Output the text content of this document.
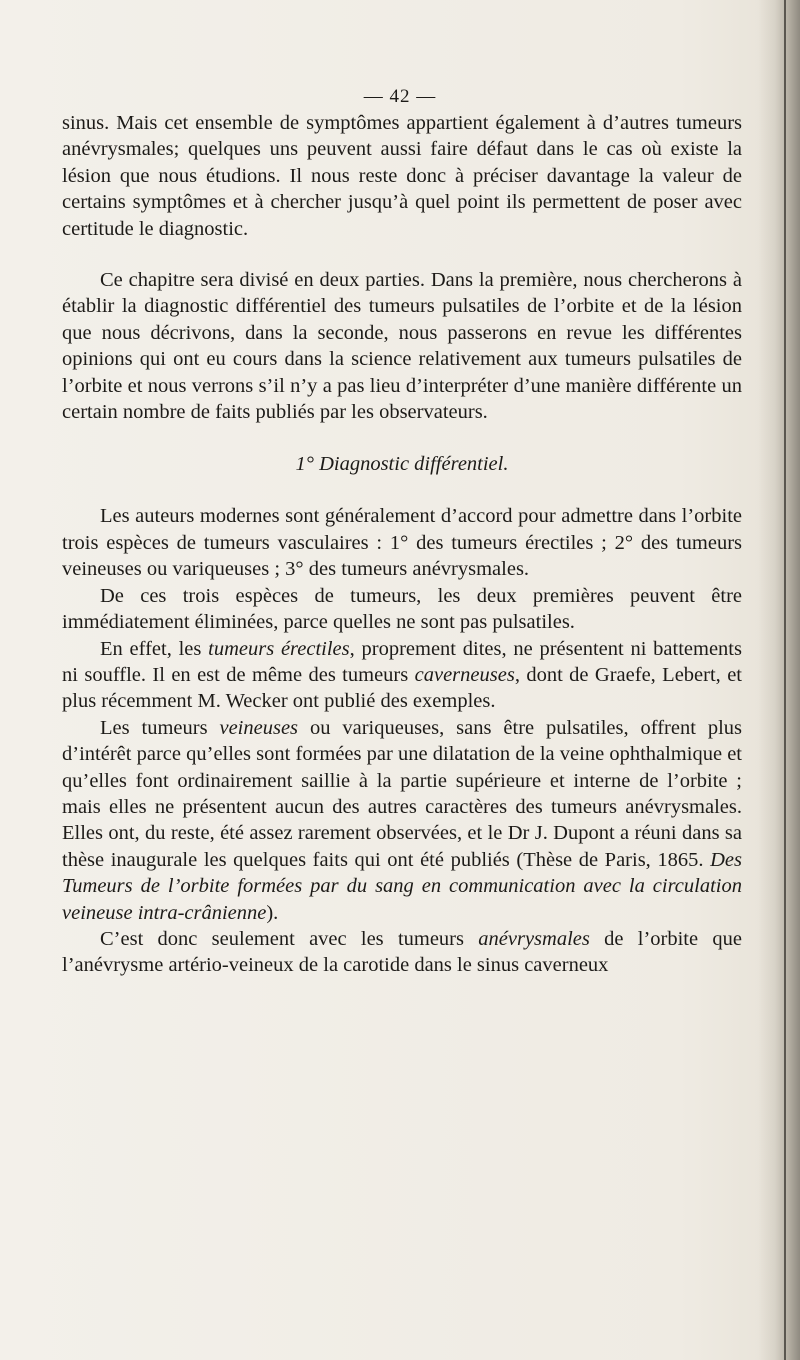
— 42 —

sinus. Mais cet ensemble de symptômes appartient également à d’autres tumeurs anévrysmales; quelques uns peuvent aussi faire défaut dans le cas où existe la lésion que nous étudions. Il nous reste donc à préciser davantage la valeur de certains symptômes et à chercher jusqu’à quel point ils permettent de poser avec certitude le diagnostic.

Ce chapitre sera divisé en deux parties. Dans la première, nous chercherons à établir la diagnostic différentiel des tumeurs pulsatiles de l’orbite et de la lésion que nous décrivons, dans la seconde, nous passerons en revue les différentes opinions qui ont eu cours dans la science relativement aux tumeurs pulsatiles de l’orbite et nous verrons s’il n’y a pas lieu d’interpréter d’une manière différente un certain nombre de faits publiés par les observateurs.

1° Diagnostic différentiel.

Les auteurs modernes sont généralement d’accord pour admettre dans l’orbite trois espèces de tumeurs vasculaires : 1° des tumeurs érectiles ; 2° des tumeurs veineuses ou variqueuses ; 3° des tumeurs anévrysmales.

De ces trois espèces de tumeurs, les deux premières peuvent être immédiatement éliminées, parce quelles ne sont pas pulsatiles.

En effet, les tumeurs érectiles, proprement dites, ne présentent ni battements ni souffle. Il en est de même des tumeurs caverneuses, dont de Graefe, Lebert, et plus récemment M. Wecker ont publié des exemples.

Les tumeurs veineuses ou variqueuses, sans être pulsatiles, offrent plus d’intérêt parce qu’elles sont formées par une dilatation de la veine ophthalmique et qu’elles font ordinairement saillie à la partie supérieure et interne de l’orbite ; mais elles ne présentent aucun des autres caractères des tumeurs anévrysmales. Elles ont, du reste, été assez rarement observées, et le Dr J. Dupont a réuni dans sa thèse inaugurale les quelques faits qui ont été publiés (Thèse de Paris, 1865. Des Tumeurs de l’orbite formées par du sang en communication avec la circulation veineuse intra-crânienne).

C’est donc seulement avec les tumeurs anévrysmales de l’orbite que l’anévrysme artério-veineux de la carotide dans le sinus caverneux
